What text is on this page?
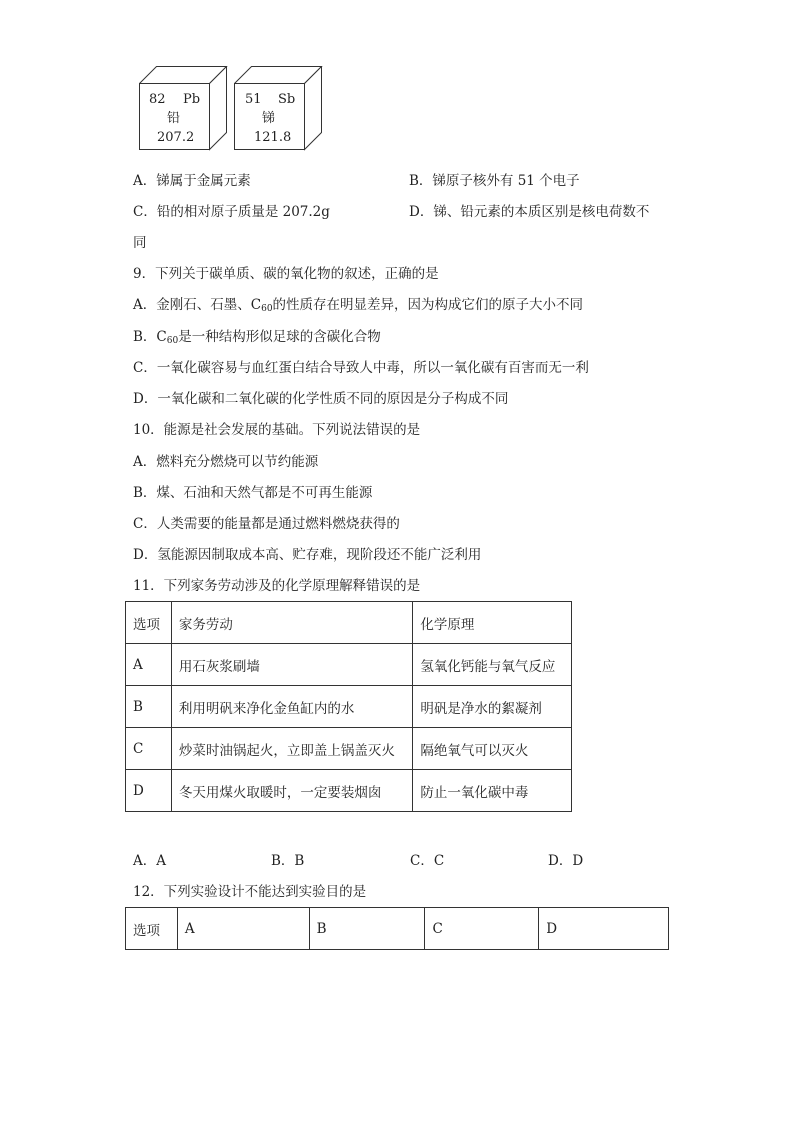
82 Pb
铅
207.2
51 Sb
锑
121.8
A．锑属于金属元素	B．锑原子核外有 51 个电子
C．铅的相对原子质量是 207.2g	D．锑、铅元素的本质区别是核电荷数不
同
9．下列关于碳单质、碳的氧化物的叙述，正确的是
A．金刚石、石墨、$C_{60}$的性质存在明显差异，因为构成它们的原子大小不同
B．$C_{60}$是一种结构形似足球的含碳化合物
C．一氧化碳容易与血红蛋白结合导致人中毒，所以一氧化碳有百害而无一利
D．一氧化碳和二氧化碳的化学性质不同的原因是分子构成不同
10．能源是社会发展的基础。下列说法错误的是
A．燃料充分燃烧可以节约能源
B．煤、石油和天然气都是不可再生能源
C．人类需要的能量都是通过燃料燃烧获得的
D．氢能源因制取成本高、贮存难，现阶段还不能广泛利用
11．下列家务劳动涉及的化学原理解释错误的是
选项	家务劳动	化学原理
A	用石灰浆刷墙	氢氧化钙能与氧气反应
B	利用明矾来净化金鱼缸内的水	明矾是净水的絮凝剂
C	炒菜时油锅起火，立即盖上锅盖灭火	隔绝氧气可以灭火
D	冬天用煤火取暖时，一定要装烟囱	防止一氧化碳中毒
A．A	B．B	C．C	D．D
12．下列实验设计不能达到实验目的是
选项	A	B	C	D
